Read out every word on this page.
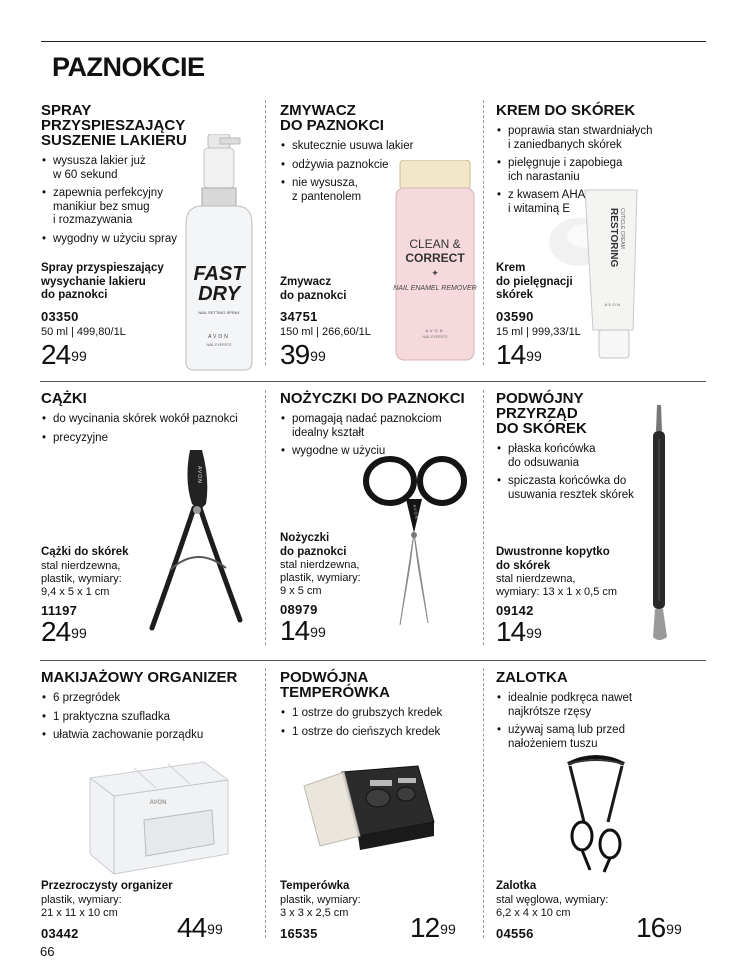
PAZNOKCIE
SPRAY
PRZYSPIESZAJĄCY
SUSZENIE LAKIERU
• wysusza lakier już
w 60 sekund
• zapewnia perfekcyjny
manikiur bez smug
i rozmazywania
• wygodny w użyciu spray
Spray przyspieszający
wysychanie lakieru
do paznokci
03350
50 ml | 499,80/1L
$24^{99}$
FAST
DRY
NAIL SETTING SPRAY
AVON
NAIL EXPERTS
ZMYWACZ
DO PAZNOKCI
• skutecznie usuwa lakier
• odżywia paznokcie
• nie wysusza,
z pantenolem
Zmywacz
do paznokci
34751
150 ml | 266,60/1L
$39^{99}$
CLEAN &
CORRECT
✦
NAIL ENAMEL REMOVER
AVON
NAIL EXPERTS
KREM DO SKÓREK
• poprawia stan stwardniałych
i zaniedbanych skórek
• pielęgnuje i zapobiega
ich narastaniu
• z kwasem AHA
i witaminą E
Krem
do pielęgnacji
skórek
03590
15 ml | 999,33/1L
$14^{99}$
RESTORING CUTICLE CREAM
AVON
CĄŻKI
• do wycinania skórek wokół paznokci
• precyzyjne
Cążki do skórek
stal nierdzewna,
plastik, wymiary:
9,4 x 5 x 1 cm
11197
$24^{99}$
AVON
NOŻYCZKI DO PAZNOKCI
• pomagają nadać paznokciom
idealny kształt
• wygodne w użyciu
Nożyczki
do paznokci
stal nierdzewna,
plastik, wymiary:
9 x 5 cm
08979
$14^{99}$
AVON
PODWÓJNY
PRZYRZĄD
DO SKÓREK
• płaska końcówka
do odsuwania
• spiczasta końcówka do
usuwania resztek skórek
Dwustronne kopytko
do skórek
stal nierdzewna,
wymiary: 13 x 1 x 0,5 cm
09142
$14^{99}$
MAKIJAŻOWY ORGANIZER
• 6 przegródek
• 1 praktyczna szufladka
• ułatwia zachowanie porządku
AVON
Przezroczysty organizer
plastik, wymiary:
21 x 11 x 10 cm
03442	$44^{99}$
PODWÓJNA
TEMPERÓWKA
• 1 ostrze do grubszych kredek
• 1 ostrze do cieńszych kredek
Temperówka
plastik, wymiary:
3 x 3 x 2,5 cm
16535	$12^{99}$
ZALOTKA
• idealnie podkręca nawet
najkrótsze rzęsy
• używaj samą lub przed
nałożeniem tuszu
Zalotka
stal węglowa, wymiary:
6,2 x 4 x 10 cm
04556	$16^{99}$
66
